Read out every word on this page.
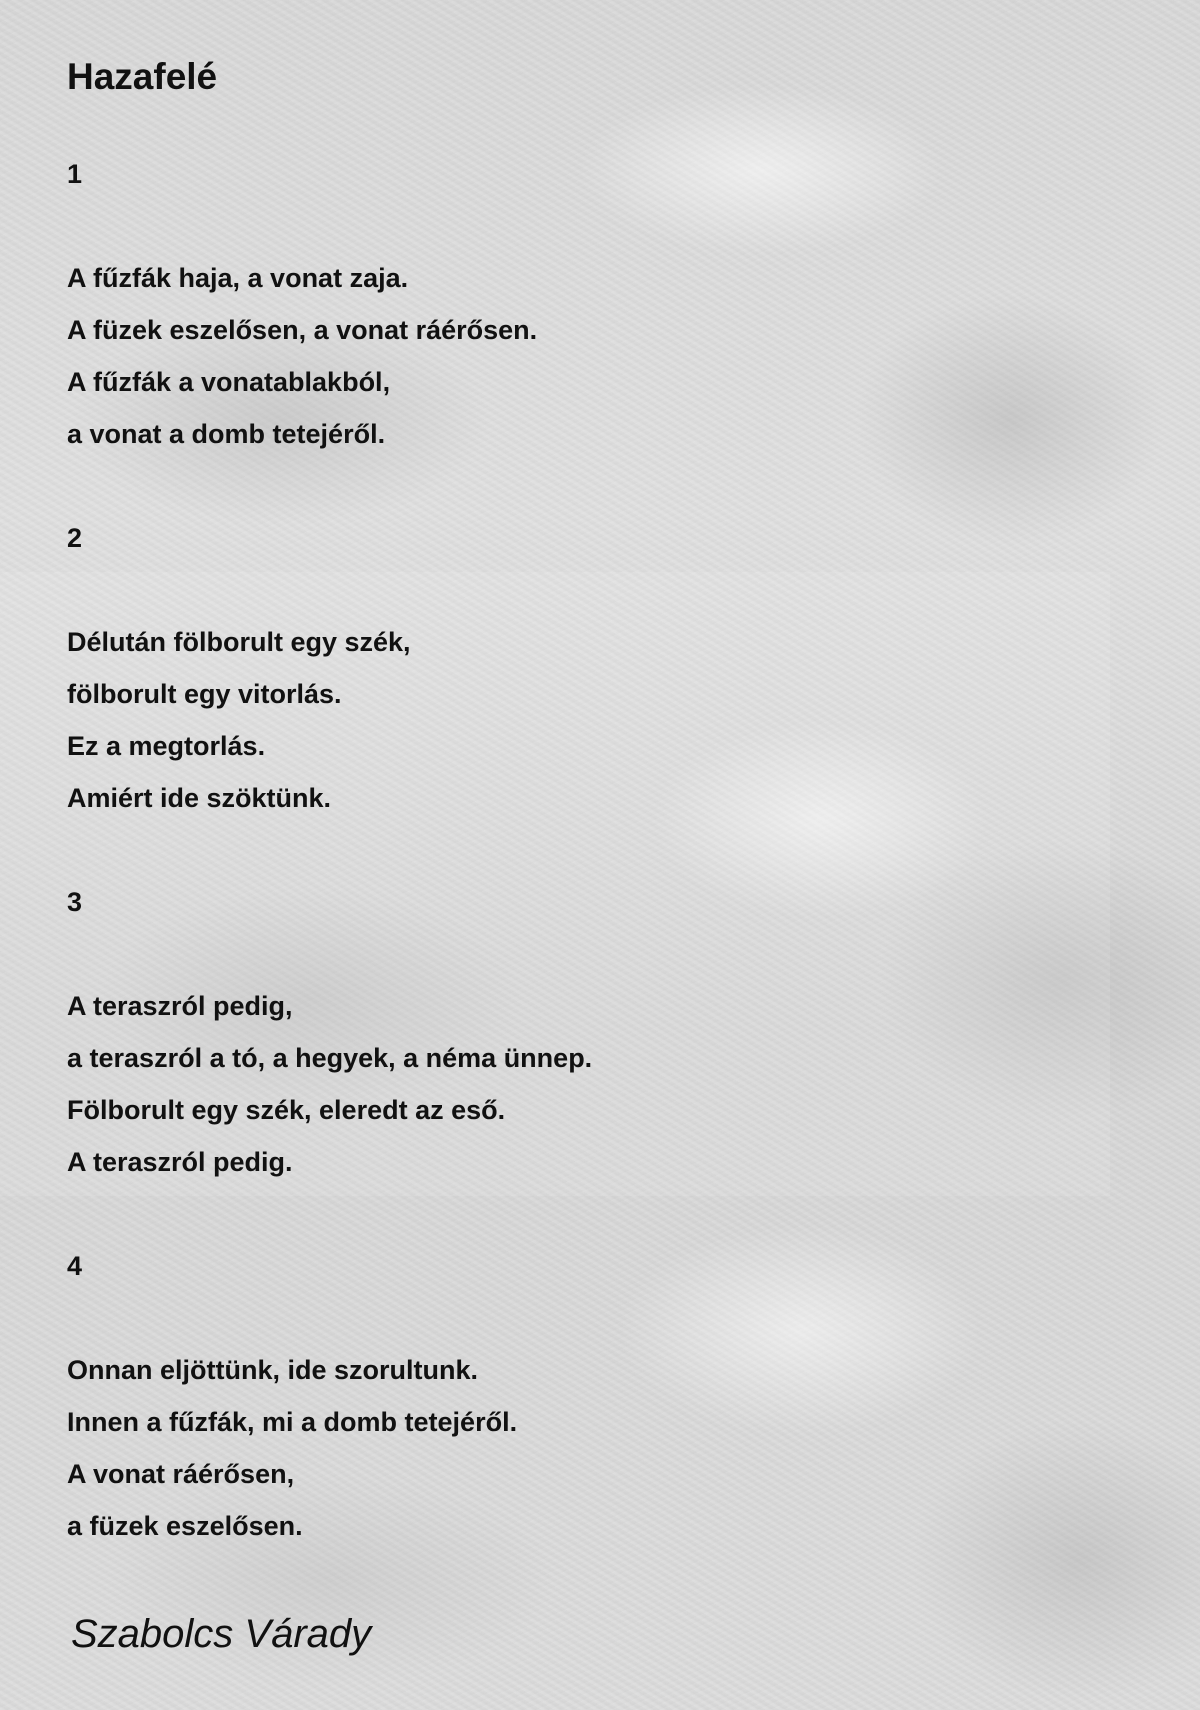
Hazafelé
1
A fűzfák haja, a vonat zaja.
A füzek eszelősen, a vonat ráérősen.
A fűzfák a vonatablakból,
a vonat a domb tetejéről.
2
Délután fölborult egy szék,
fölborult egy vitorlás.
Ez a megtorlás.
Amiért ide szöktünk.
3
A teraszról pedig,
a teraszról a tó, a hegyek, a néma ünnep.
Fölborult egy szék, eleredt az eső.
A teraszról pedig.
4
Onnan eljöttünk, ide szorultunk.
Innen a fűzfák, mi a domb tetejéről.
A vonat ráérősen,
a füzek eszelősen.
Szabolcs Várady
